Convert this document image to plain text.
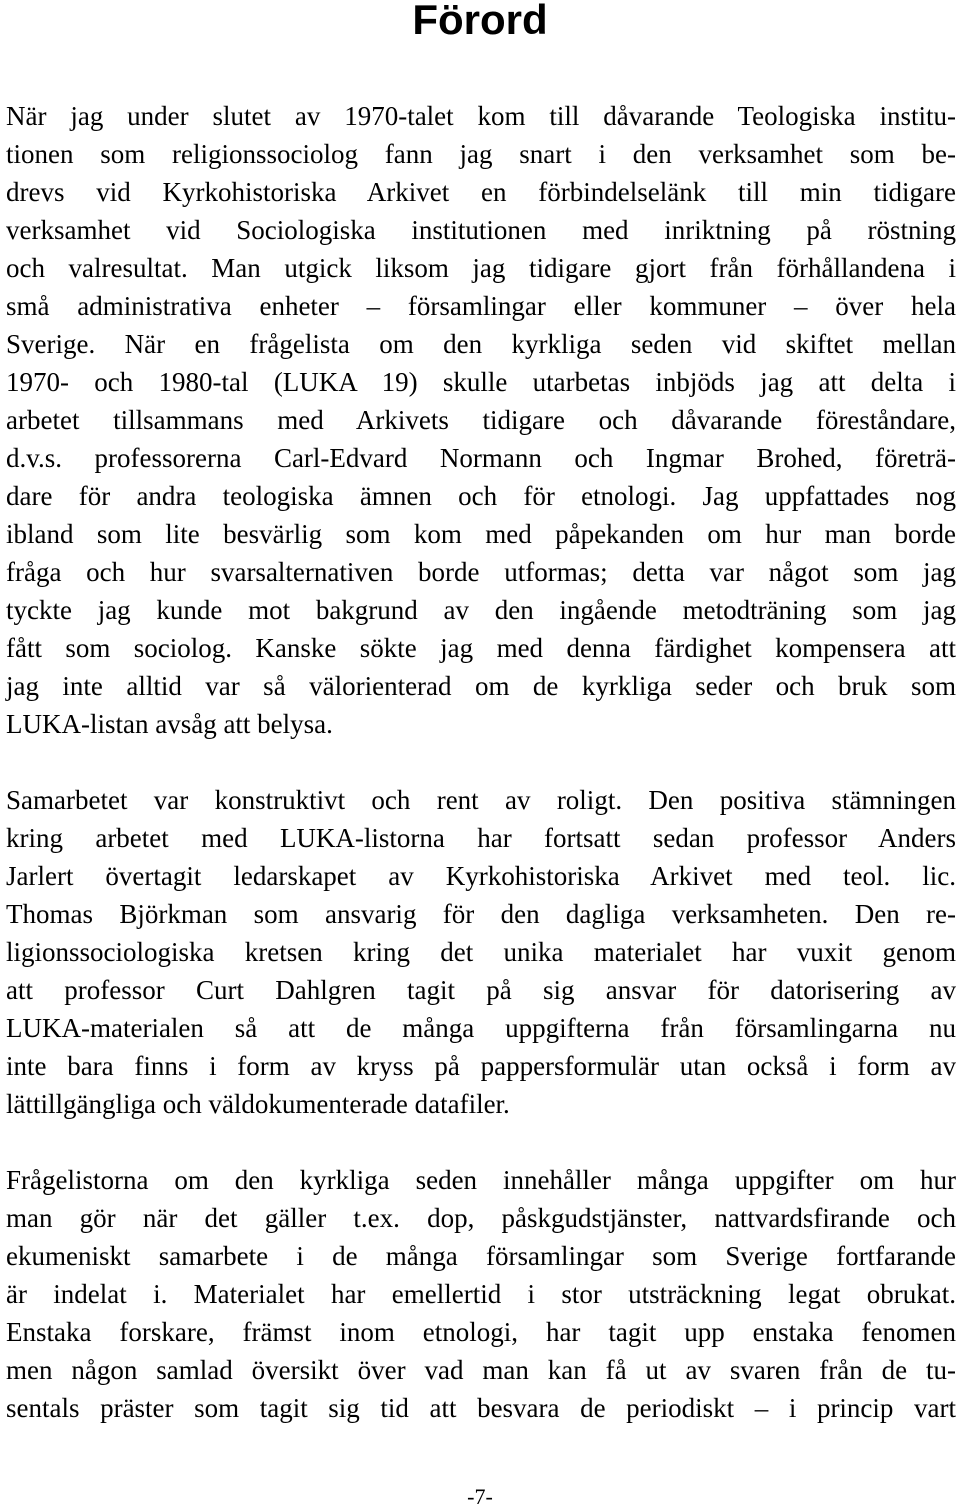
Förord

När jag under slutet av 1970-talet kom till dåvarande Teologiska institu-
tionen som religionssociolog fann jag snart i den verksamhet som be-
drevs vid Kyrkohistoriska Arkivet en förbindelselänk till min tidigare
verksamhet vid Sociologiska institutionen med inriktning på röstning
och valresultat. Man utgick liksom jag tidigare gjort från förhållandena i
små administrativa enheter – församlingar eller kommuner – över hela
Sverige. När en frågelista om den kyrkliga seden vid skiftet mellan
1970- och 1980-tal (LUKA 19) skulle utarbetas inbjöds jag att delta i
arbetet tillsammans med Arkivets tidigare och dåvarande föreståndare,
d.v.s. professorerna Carl-Edvard Normann och Ingmar Brohed, företrä-
dare för andra teologiska ämnen och för etnologi. Jag uppfattades nog
ibland som lite besvärlig som kom med påpekanden om hur man borde
fråga och hur svarsalternativen borde utformas; detta var något som jag
tyckte jag kunde mot bakgrund av den ingående metodträning som jag
fått som sociolog. Kanske sökte jag med denna färdighet kompensera att
jag inte alltid var så välorienterad om de kyrkliga seder och bruk som
LUKA-listan avsåg att belysa.

Samarbetet var konstruktivt och rent av roligt. Den positiva stämningen
kring arbetet med LUKA-listorna har fortsatt sedan professor Anders
Jarlert övertagit ledarskapet av Kyrkohistoriska Arkivet med teol. lic.
Thomas Björkman som ansvarig för den dagliga verksamheten. Den re-
ligionssociologiska kretsen kring det unika materialet har vuxit genom
att professor Curt Dahlgren tagit på sig ansvar för datorisering av
LUKA-materialen så att de många uppgifterna från församlingarna nu
inte bara finns i form av kryss på pappersformulär utan också i form av
lättillgängliga och väldokumenterade datafiler.

Frågelistorna om den kyrkliga seden innehåller många uppgifter om hur
man gör när det gäller t.ex. dop, påskgudstjänster, nattvardsfirande och
ekumeniskt samarbete i de många församlingar som Sverige fortfarande
är indelat i. Materialet har emellertid i stor utsträckning legat obrukat.
Enstaka forskare, främst inom etnologi, har tagit upp enstaka fenomen
men någon samlad översikt över vad man kan få ut av svaren från de tu-
sentals präster som tagit sig tid att besvara de periodiskt – i princip vart

-7-
